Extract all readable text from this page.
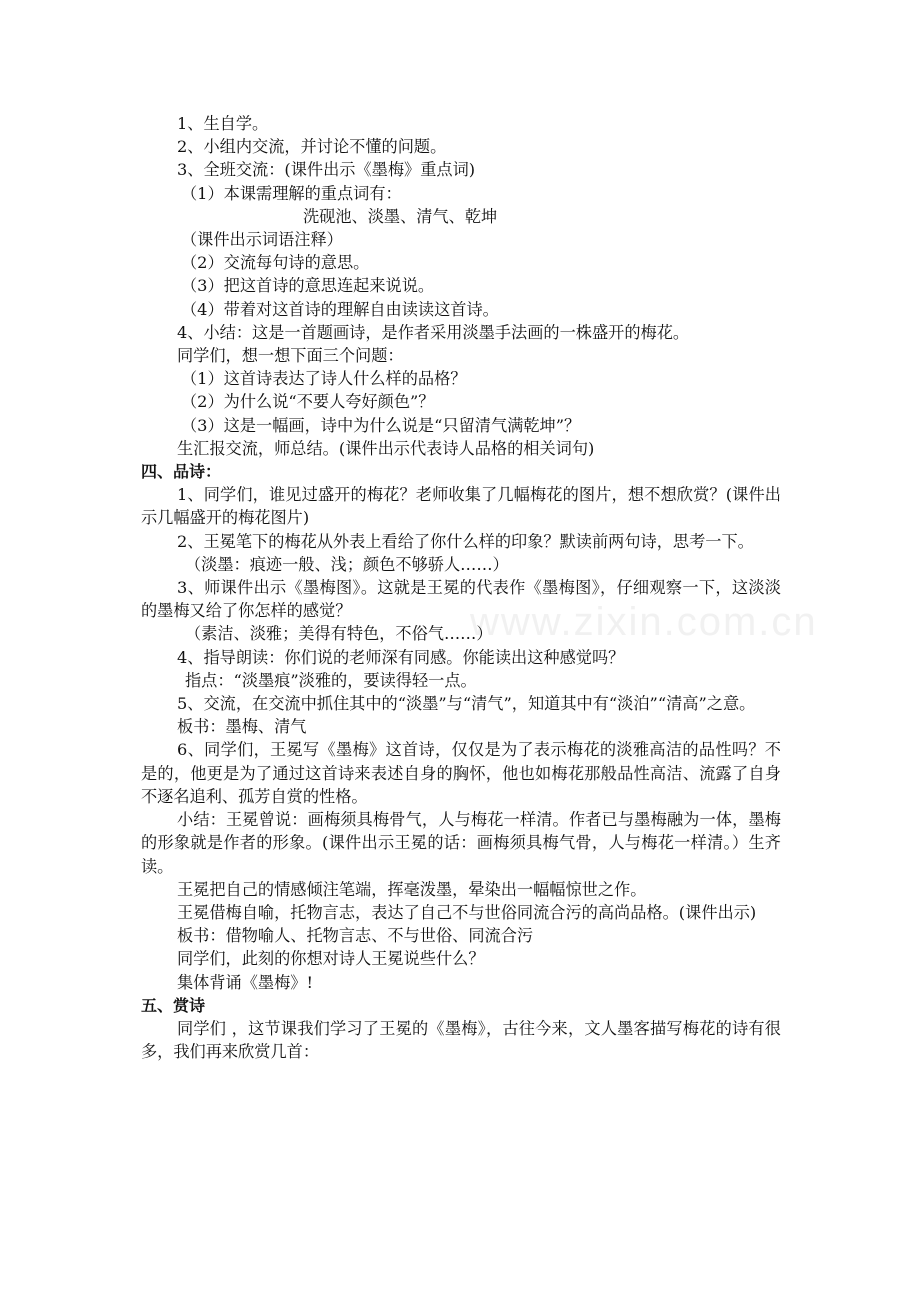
www.zixin.com.cn

1、生自学。

2、小组内交流，并讨论不懂的问题。

3、全班交流：(课件出示《墨梅》重点词)

（1）本课需理解的重点词有：

洗砚池、淡墨、清气、乾坤

（课件出示词语注释）

（2）交流每句诗的意思。

（3）把这首诗的意思连起来说说。

（4）带着对这首诗的理解自由读读这首诗。

4、小结：这是一首题画诗，是作者采用淡墨手法画的一株盛开的梅花。

同学们，想一想下面三个问题：

（1）这首诗表达了诗人什么样的品格？

（2）为什么说“不要人夸好颜色”？

（3）这是一幅画，诗中为什么说是“只留清气满乾坤”？

生汇报交流，师总结。(课件出示代表诗人品格的相关词句)

四、品诗：

1、同学们，谁见过盛开的梅花？老师收集了几幅梅花的图片，想不想欣赏？(课件出示几幅盛开的梅花图片)

2、王冕笔下的梅花从外表上看给了你什么样的印象？默读前两句诗，思考一下。

（淡墨：痕迹一般、浅；颜色不够骄人……）

3、师课件出示《墨梅图》。这就是王冕的代表作《墨梅图》，仔细观察一下，这淡淡的墨梅又给了你怎样的感觉？

（素洁、淡雅；美得有特色，不俗气……）

4、指导朗读：你们说的老师深有同感。你能读出这种感觉吗？

指点：“淡墨痕”淡雅的，要读得轻一点。

5、交流，在交流中抓住其中的“淡墨”与“清气”，知道其中有“淡泊”“清高”之意。

板书：墨梅、清气

6、同学们，王冕写《墨梅》这首诗，仅仅是为了表示梅花的淡雅高洁的品性吗？不是的，他更是为了通过这首诗来表述自身的胸怀，他也如梅花那般品性高洁、流露了自身不逐名追利、孤芳自赏的性格。

小结：王冕曾说：画梅须具梅骨气，人与梅花一样清。作者已与墨梅融为一体，墨梅的形象就是作者的形象。(课件出示王冕的话：画梅须具梅气骨，人与梅花一样清。）生齐读。

王冕把自己的情感倾注笔端，挥毫泼墨，晕染出一幅幅惊世之作。

王冕借梅自喻，托物言志，表达了自己不与世俗同流合污的高尚品格。(课件出示)

板书：借物喻人、托物言志、不与世俗、同流合污

同学们，此刻的你想对诗人王冕说些什么？

集体背诵《墨梅》!

五、赏诗

同学们 ，这节课我们学习了王冕的《墨梅》，古往今来，文人墨客描写梅花的诗有很多，我们再来欣赏几首：
